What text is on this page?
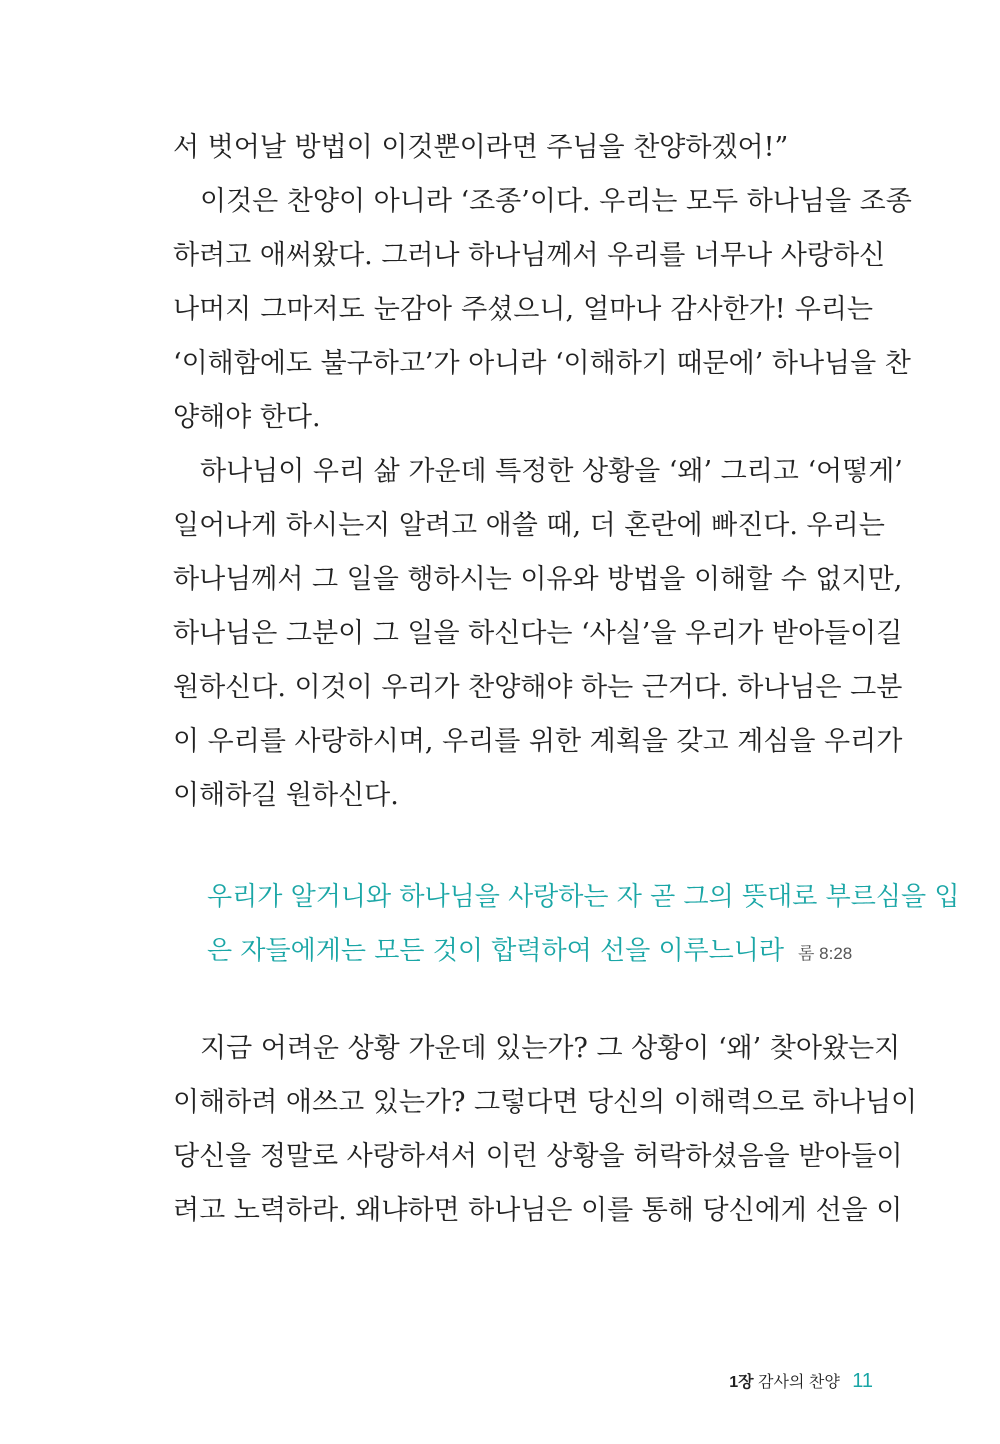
서 벗어날 방법이 이것뿐이라면 주님을 찬양하겠어!”
이것은 찬양이 아니라 ‘조종’이다. 우리는 모두 하나님을 조종
하려고 애써왔다. 그러나 하나님께서 우리를 너무나 사랑하신
나머지 그마저도 눈감아 주셨으니, 얼마나 감사한가! 우리는
‘이해함에도 불구하고’가 아니라 ‘이해하기 때문에’ 하나님을 찬
양해야 한다.
하나님이 우리 삶 가운데 특정한 상황을 ‘왜’ 그리고 ‘어떻게’
일어나게 하시는지 알려고 애쓸 때, 더 혼란에 빠진다. 우리는
하나님께서 그 일을 행하시는 이유와 방법을 이해할 수 없지만,
하나님은 그분이 그 일을 하신다는 ‘사실’을 우리가 받아들이길
원하신다. 이것이 우리가 찬양해야 하는 근거다. 하나님은 그분
이 우리를 사랑하시며, 우리를 위한 계획을 갖고 계심을 우리가
이해하길 원하신다.
우리가 알거니와 하나님을 사랑하는 자 곧 그의 뜻대로 부르심을 입
은 자들에게는 모든 것이 합력하여 선을 이루느니라 롬 8:28
지금 어려운 상황 가운데 있는가? 그 상황이 ‘왜’ 찾아왔는지
이해하려 애쓰고 있는가? 그렇다면 당신의 이해력으로 하나님이
당신을 정말로 사랑하셔서 이런 상황을 허락하셨음을 받아들이
려고 노력하라. 왜냐하면 하나님은 이를 통해 당신에게 선을 이
1장 감사의 찬양 11
